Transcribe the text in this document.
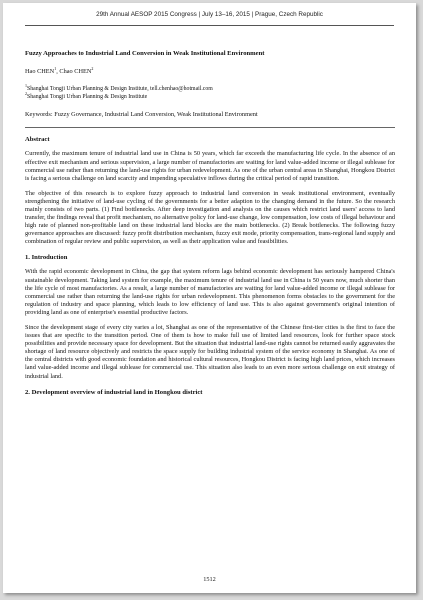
29th Annual AESOP 2015 Congress | July 13–16, 2015 | Prague, Czech Republic
Fuzzy Approaches to Industrial Land Conversion in Weak Institutional Environment
Hao CHEN$^1$, Chao CHEN$^2$
$^1$Shanghai Tongji Urban Planning & Design Institute, tell.chenhao@hotmail.com
$^2$Shanghai Tongji Urban Planning & Design Institute
Keywords: Fuzzy Governance, Industrial Land Conversion, Weak Institutional Environment
Abstract

Currently, the maximum tenure of industrial land use in China is 50 years, which far exceeds the manufacturing life cycle. In the absence of an effective exit mechanism and serious supervision, a large number of manufactories are waiting for land value-added income or illegal sublease for commercial use rather than returning the land-use rights for urban redevelopment. As one of the urban central areas in Shanghai, Hongkou District is facing a serious challenge on land scarcity and impending speculative inflows during the critical period of rapid transition.

The objective of this research is to explore fuzzy approach to industrial land conversion in weak institutional environment, eventually strengthening the initiative of land-use cycling of the governments for a better adaption to the changing demand in the future. So the research mainly consists of two parts. (1) Find bottlenecks. After deep investigation and analysis on the causes which restrict land users' access to land transfer, the findings reveal that profit mechanism, no alternative policy for land-use change, low compensation, low costs of illegal behaviour and high rate of planned non-profitable land on these industrial land blocks are the main bottlenecks. (2) Break bottlenecks. The following fuzzy governance approaches are discussed: fuzzy profit distribution mechanism, fuzzy exit mode, priority compensation, trans-regional land supply and combination of regular review and public supervision, as well as their application value and feasibilities.

1. Introduction

With the rapid economic development in China, the gap that system reform lags behind economic development has seriously hampered China's sustainable development. Taking land system for example, the maximum tenure of industrial land use in China is 50 years now, much shorter than the life cycle of most manufactories. As a result, a large number of manufactories are waiting for land value-added income or illegal sublease for commercial use rather than returning the land-use rights for urban redevelopment. This phenomenon forms obstacles to the government for the regulation of industry and space planning, which leads to low efficiency of land use. This is also against government's original intention of providing land as one of enterprise's essential productive factors.

Since the development stage of every city varies a lot, Shanghai as one of the representative of the Chinese first-tier cities is the first to face the issues that are specific to the transition period. One of them is how to make full use of limited land resources, look for further space stock possibilities and provide necessary space for development. But the situation that industrial land-use rights cannot be returned easily aggravates the shortage of land resource objectively and restricts the space supply for building industrial system of the service economy in Shanghai. As one of the central districts with good economic foundation and historical cultural resources, Hongkou District is facing high land prices, which increases land value-added income and illegal sublease for commercial use. This situation also leads to an even more serious challenge on exit strategy of industrial land.

2. Development overview of industrial land in Hongkou district
1512
